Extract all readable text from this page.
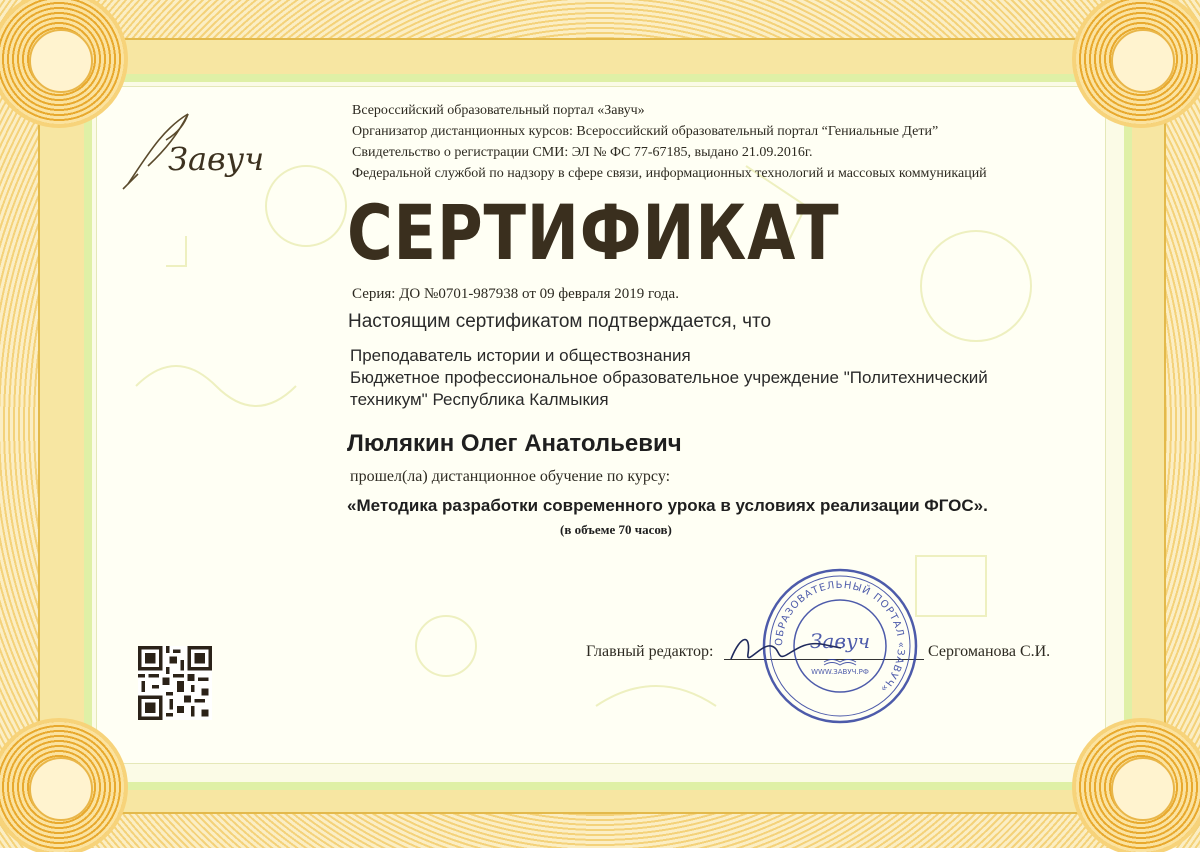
Завуч
Всероссийский образовательный портал «Завуч»
Организатор дистанционных курсов: Всероссийский образовательный портал “Гениальные Дети”
Свидетельство о регистрации СМИ: ЭЛ № ФС 77-67185, выдано 21.09.2016г.
Федеральной службой по надзору в сфере связи, информационных технологий и массовых коммуникаций
СЕРТИФИКАТ
Серия: ДО №0701-987938 от 09 февраля 2019 года.
Настоящим сертификатом подтверждается, что
Преподаватель истории и обществознания
Бюджетное профессиональное образовательное учреждение "Политехнический
техникум" Республика Калмыкия
Люлякин Олег Анатольевич
прошел(ла) дистанционное обучение по курсу:
«Методика разработки современного урока в условиях реализации ФГОС».
(в объеме 70 часов)
Главный редактор:	Сергоманова С.И.
ОБРАЗОВАТЕЛЬНЫЙ ПОРТАЛ «ЗАВУЧ»
Завуч
WWW.ЗАВУЧ.РФ
